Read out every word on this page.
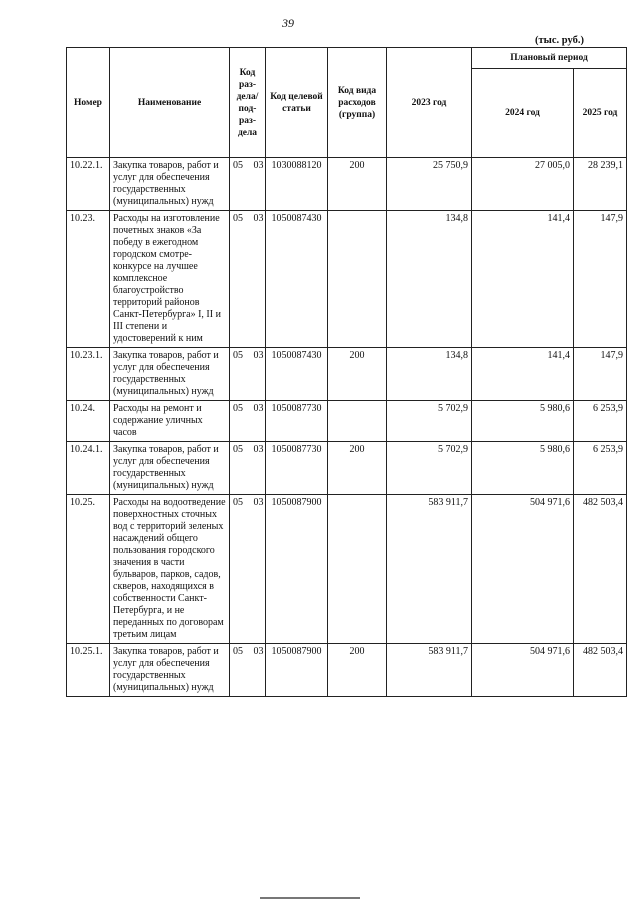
39
(тыс. руб.)
Номер	Наименование	Код раз-дела/ под-раз-дела		Код целевой статьи	Код вида расходов (группа)	2023 год	Плановый период	
							2024 год	2025 год
10.22.1.	Закупка товаров, работ и услуг для обеспечения государственных (муниципальных) нужд	05	03	1030088120	200	25 750,9	27 005,0	28 239,1
10.23.	Расходы на изготовление почетных знаков «За победу в ежегодном городском смотре-конкурсе на лучшее комплексное благоустройство территорий районов Санкт-Петербурга» I, II и III степени и удостоверений к ним	05	03	1050087430		134,8	141,4	147,9
10.23.1.	Закупка товаров, работ и услуг для обеспечения государственных (муниципальных) нужд	05	03	1050087430	200	134,8	141,4	147,9
10.24.	Расходы на ремонт и содержание уличных часов	05	03	1050087730		5 702,9	5 980,6	6 253,9
10.24.1.	Закупка товаров, работ и услуг для обеспечения государственных (муниципальных) нужд	05	03	1050087730	200	5 702,9	5 980,6	6 253,9
10.25.	Расходы на водоотведение поверхностных сточных вод с территорий зеленых насаждений общего пользования городского значения в части бульваров, парков, садов, скверов, находящихся в собственности Санкт-Петербурга, и не переданных по договорам третьим лицам	05	03	1050087900		583 911,7	504 971,6	482 503,4
10.25.1.	Закупка товаров, работ и услуг для обеспечения государственных (муниципальных) нужд	05	03	1050087900	200	583 911,7	504 971,6	482 503,4
